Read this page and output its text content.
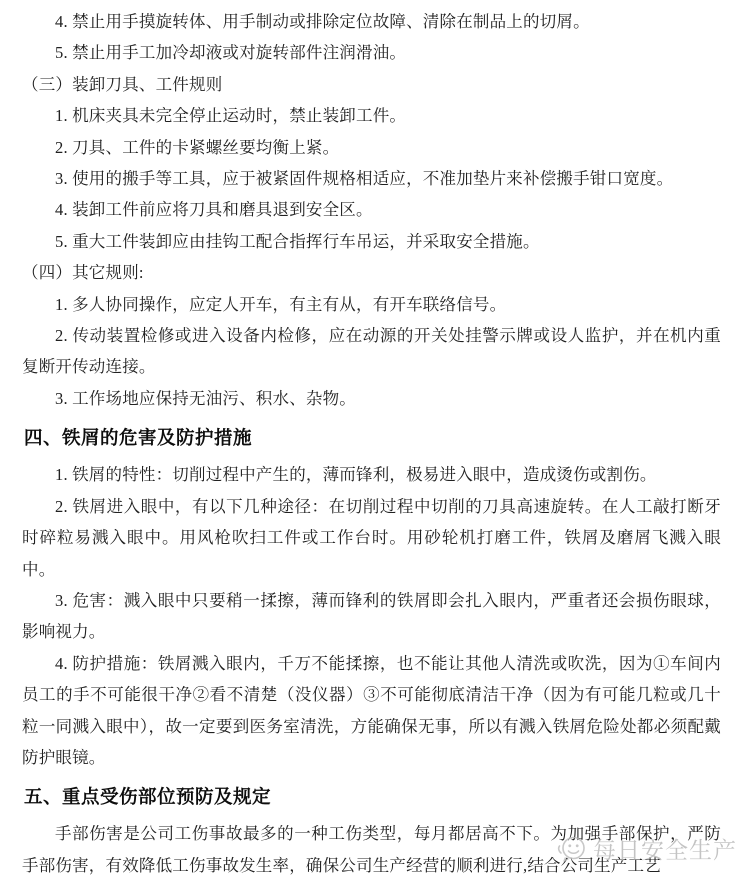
4. 禁止用手摸旋转体、用手制动或排除定位故障、清除在制品上的切屑。

5. 禁止用手工加冷却液或对旋转部件注润滑油。

（三）装卸刀具、工件规则

1. 机床夹具未完全停止运动时，禁止装卸工件。

2. 刀具、工件的卡紧螺丝要均衡上紧。

3. 使用的搬手等工具，应于被紧固件规格相适应，不准加垫片来补偿搬手钳口宽度。

4. 装卸工件前应将刀具和磨具退到安全区。

5. 重大工件装卸应由挂钩工配合指挥行车吊运，并采取安全措施。

（四）其它规则:

1. 多人协同操作，应定人开车，有主有从，有开车联络信号。

2. 传动装置检修或进入设备内检修，应在动源的开关处挂警示牌或设人监护，并在机内重复断开传动连接。

3. 工作场地应保持无油污、积水、杂物。

四、铁屑的危害及防护措施

1. 铁屑的特性：切削过程中产生的，薄而锋利，极易进入眼中，造成烫伤或割伤。

2. 铁屑进入眼中，有以下几种途径：在切削过程中切削的刀具高速旋转。在人工敲打断牙时碎粒易溅入眼中。用风枪吹扫工件或工作台时。用砂轮机打磨工件，铁屑及磨屑飞溅入眼中。

3. 危害：溅入眼中只要稍一揉擦，薄而锋利的铁屑即会扎入眼内，严重者还会损伤眼球，影响视力。

4. 防护措施：铁屑溅入眼内，千万不能揉擦，也不能让其他人清洗或吹洗，因为①车间内员工的手不可能很干净②看不清楚（没仪器）③不可能彻底清洁干净（因为有可能几粒或几十粒一同溅入眼中），故一定要到医务室清洗，方能确保无事，所以有溅入铁屑危险处都必须配戴防护眼镜。

五、重点受伤部位预防及规定

手部伤害是公司工伤事故最多的一种工伤类型，每月都居高不下。为加强手部保护，严防手部伤害，有效降低工伤事故发生率，确保公司生产经营的顺利进行,结合公司生产工艺

每日安全生产
